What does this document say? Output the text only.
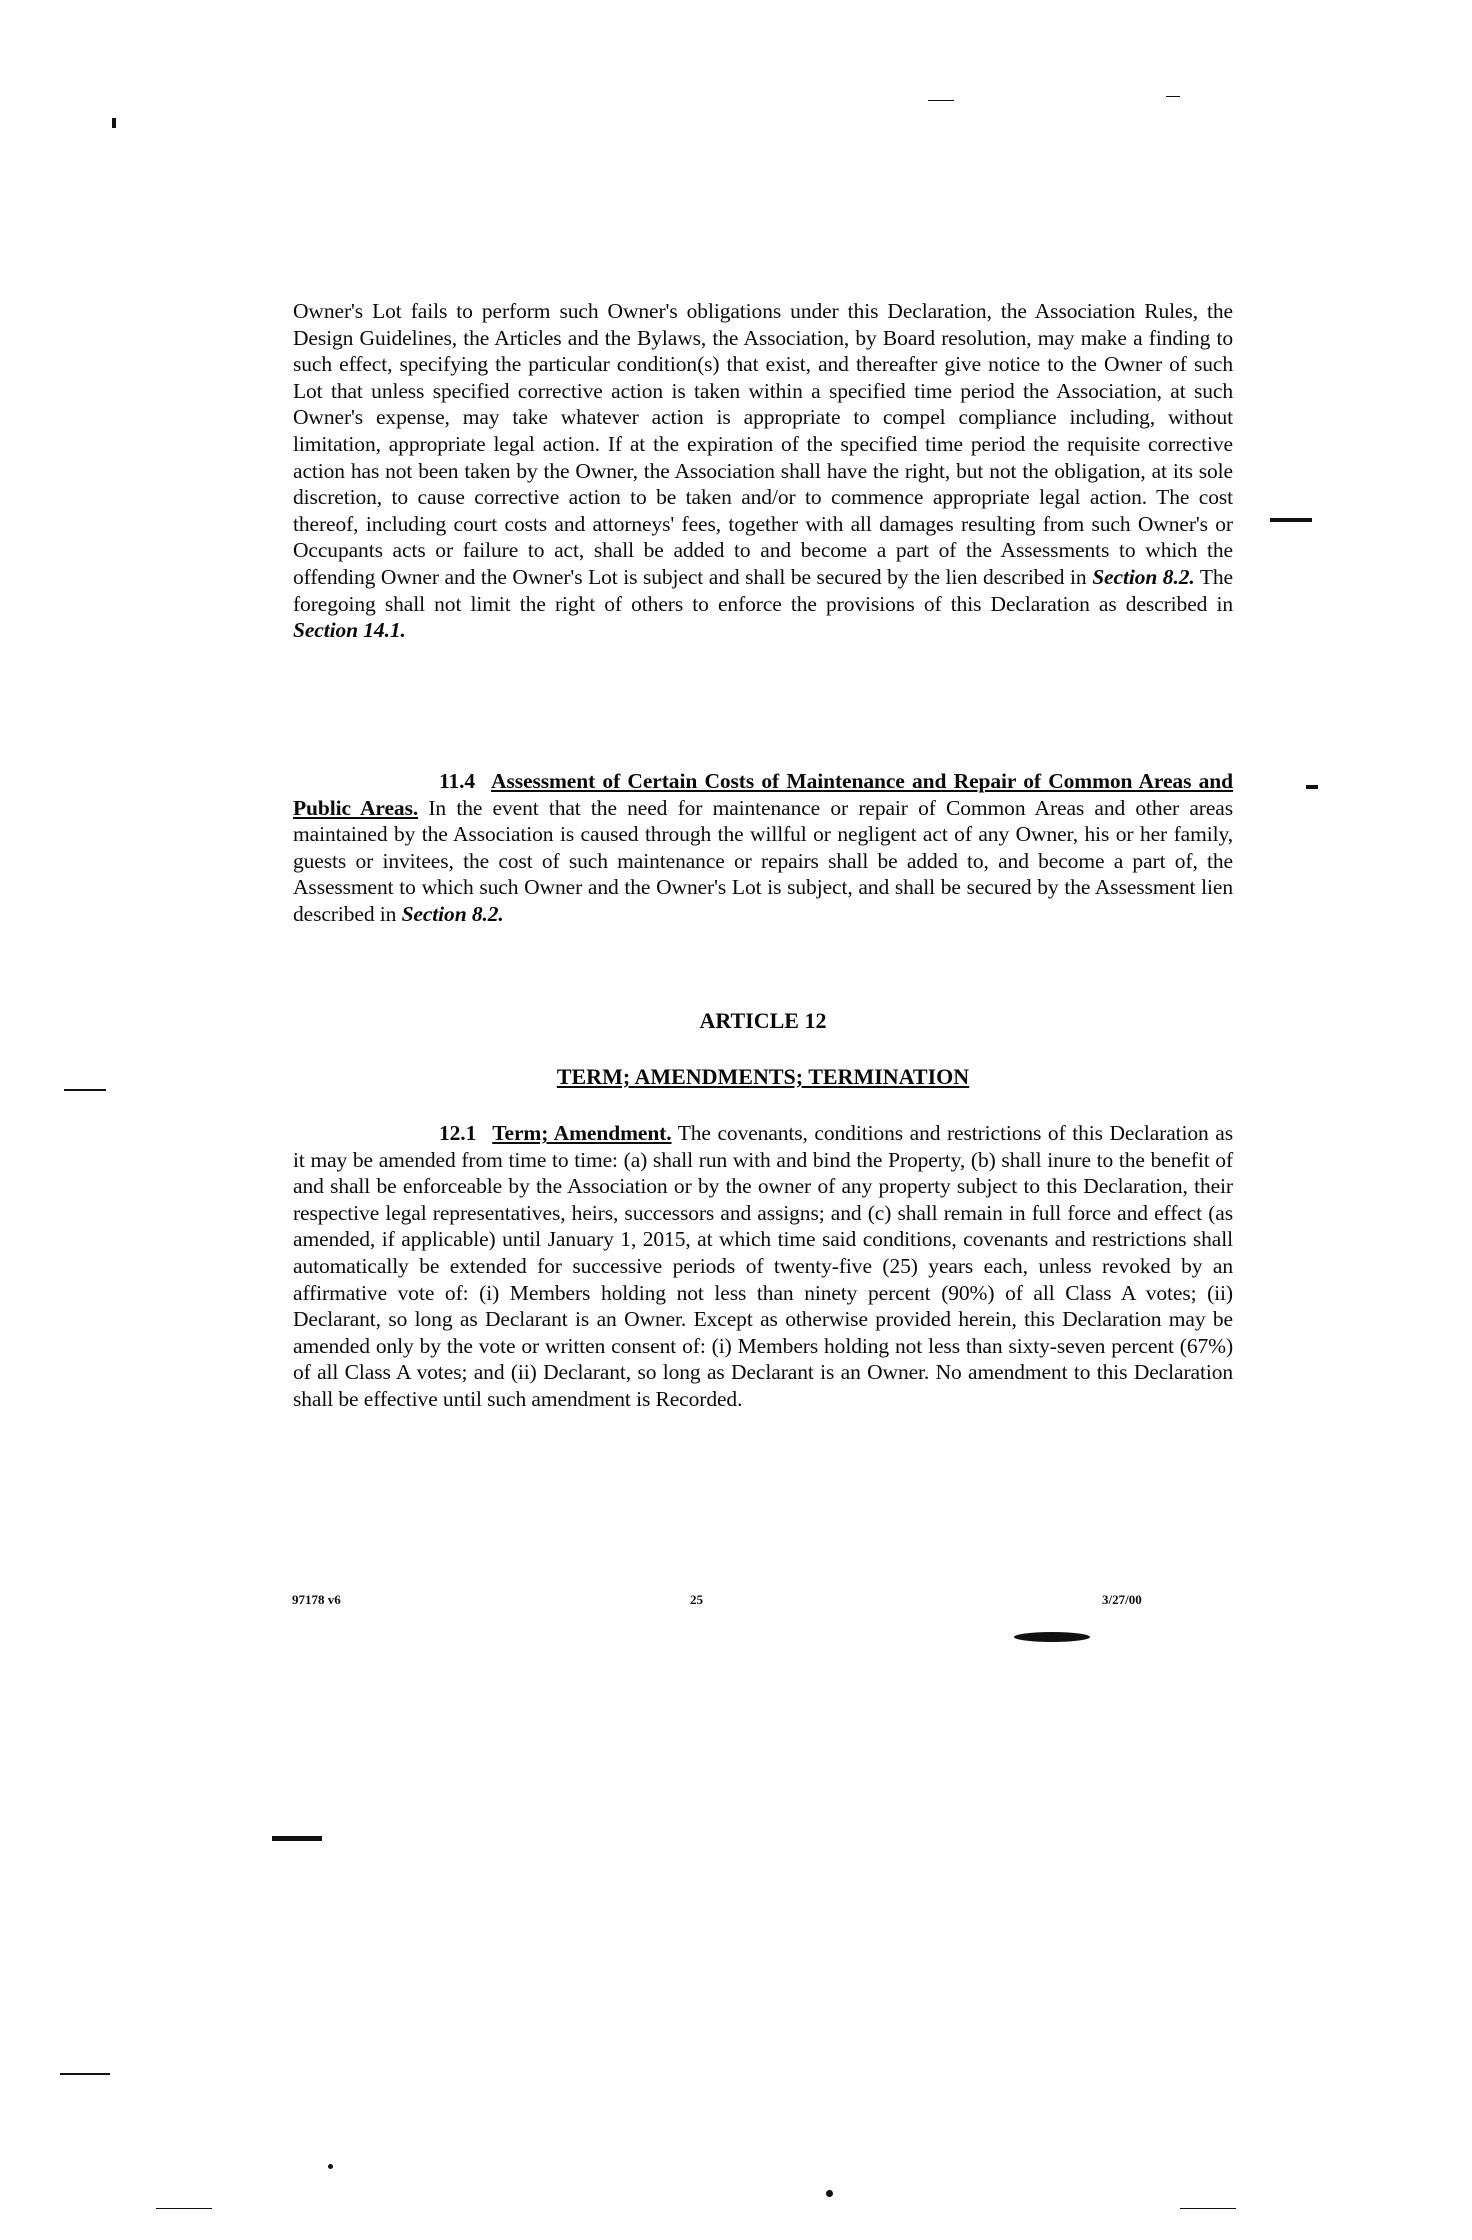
Owner's Lot fails to perform such Owner's obligations under this Declaration, the Association Rules, the Design Guidelines, the Articles and the Bylaws, the Association, by Board resolution, may make a finding to such effect, specifying the particular condition(s) that exist, and thereafter give notice to the Owner of such Lot that unless specified corrective action is taken within a specified time period the Association, at such Owner's expense, may take whatever action is appropriate to compel compliance including, without limitation, appropriate legal action. If at the expiration of the specified time period the requisite corrective action has not been taken by the Owner, the Association shall have the right, but not the obligation, at its sole discretion, to cause corrective action to be taken and/or to commence appropriate legal action. The cost thereof, including court costs and attorneys' fees, together with all damages resulting from such Owner's or Occupants acts or failure to act, shall be added to and become a part of the Assessments to which the offending Owner and the Owner's Lot is subject and shall be secured by the lien described in Section 8.2. The foregoing shall not limit the right of others to enforce the provisions of this Declaration as described in Section 14.1.
11.4 Assessment of Certain Costs of Maintenance and Repair of Common Areas and Public Areas. In the event that the need for maintenance or repair of Common Areas and other areas maintained by the Association is caused through the willful or negligent act of any Owner, his or her family, guests or invitees, the cost of such maintenance or repairs shall be added to, and become a part of, the Assessment to which such Owner and the Owner's Lot is subject, and shall be secured by the Assessment lien described in Section 8.2.
ARTICLE 12
TERM; AMENDMENTS; TERMINATION
12.1 Term; Amendment. The covenants, conditions and restrictions of this Declaration as it may be amended from time to time: (a) shall run with and bind the Property, (b) shall inure to the benefit of and shall be enforceable by the Association or by the owner of any property subject to this Declaration, their respective legal representatives, heirs, successors and assigns; and (c) shall remain in full force and effect (as amended, if applicable) until January 1, 2015, at which time said conditions, covenants and restrictions shall automatically be extended for successive periods of twenty-five (25) years each, unless revoked by an affirmative vote of: (i) Members holding not less than ninety percent (90%) of all Class A votes; (ii) Declarant, so long as Declarant is an Owner. Except as otherwise provided herein, this Declaration may be amended only by the vote or written consent of: (i) Members holding not less than sixty-seven percent (67%) of all Class A votes; and (ii) Declarant, so long as Declarant is an Owner. No amendment to this Declaration shall be effective until such amendment is Recorded.
97178 v6	25	3/27/00
